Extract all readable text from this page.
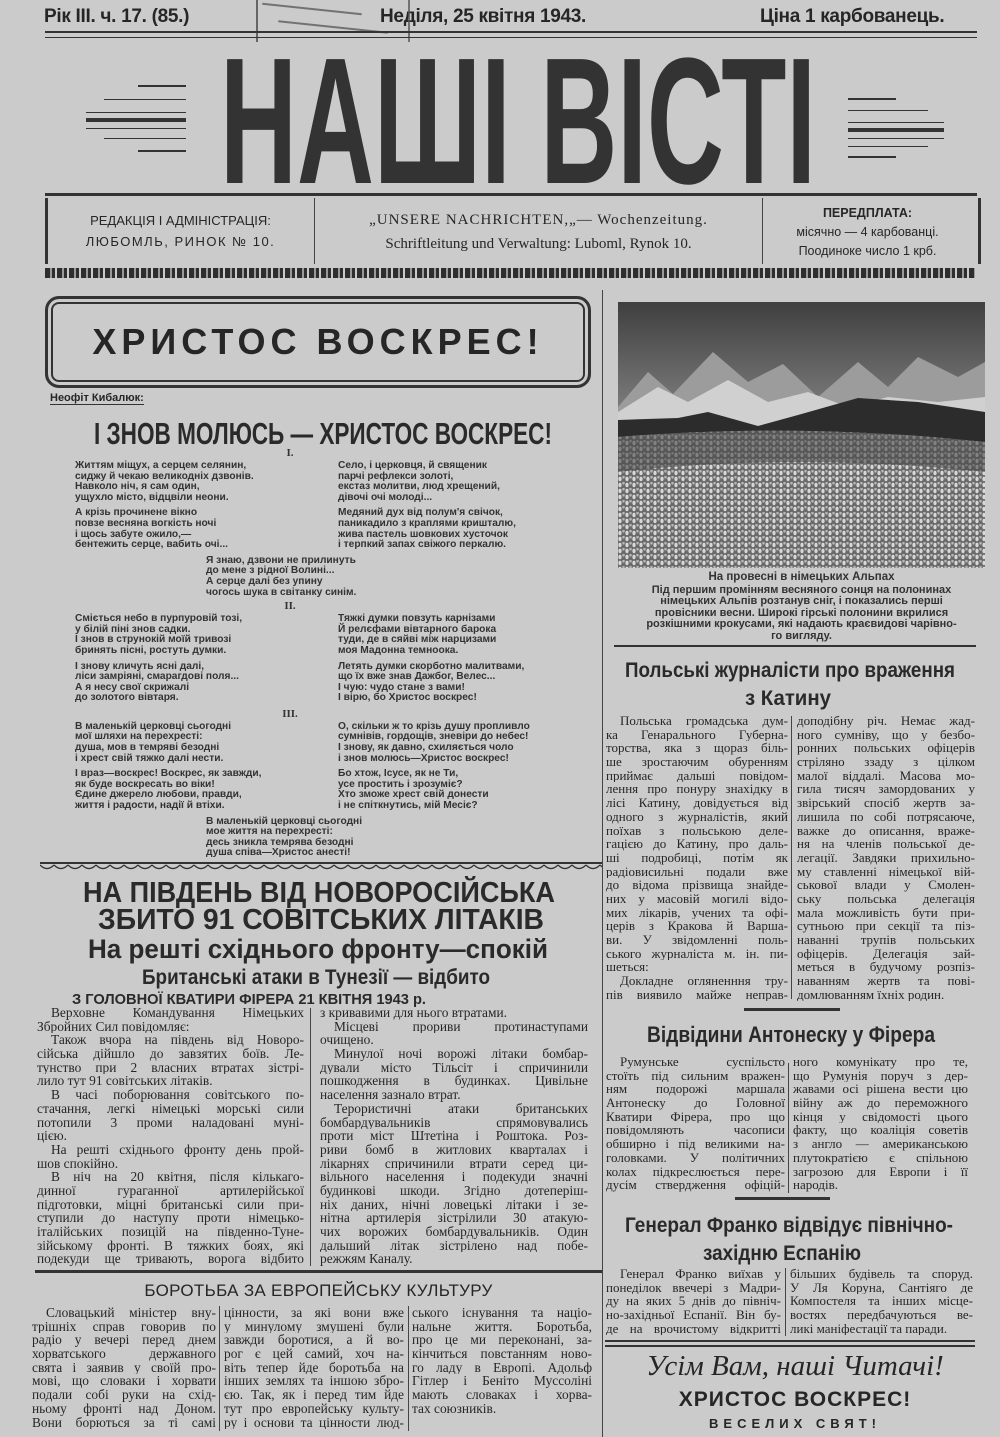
Рік III. ч. 17. (85.)	Неділя, 25 квітня 1943.	Ціна 1 карбованець.
НАШІ ВІСТІ
РЕДАКЦІЯ І АДМІНІСТРАЦІЯ:
ЛЮБОМЛЬ, РИНОК № 10.
„UNSERE NACHRICHTEN,„— Wochenzeitung.
Schriftleitung und Verwaltung: Luboml, Rynok 10.
ПЕРЕДПЛАТА:
місячно — 4 карбованці.
Поодиноке число 1 крб.
ХРИСТОС ВОСКРЕС!
Неофіт Кибалюк:
І ЗНОВ МОЛЮСЬ — ХРИСТОС ВОСКРЕС!
I.
Життям міщух, а серцем селянин,
сиджу й чекаю великодніх дзвонів.
Навколо ніч, я сам один,
ущухло місто, відцвіли неони.
А крізь прочинене вікно
повзе весняна вогкість ночі
і щось забуте ожило,—
бентежить серце, вабить очі...
Село, і церковця, й священик
парчі рефлекси золоті,
екстаз молитви, люд хрещений,
дівочі очі молоді...
Медяний дух від полум'я свічок,
паникадило з краплями кришталю,
жива пастель шовкових хусточок
і терпкий запах свіжого перкалю.
Я знаю, дзвони не прилинуть
до мене з рідної Волині...
А серце далі без упину
чогось шука в світанку синім.
II.
Сміється небо в пурпуровій тозі,
у білій піні знов садки.
І знов в струнокій моїй тривозі
бринять пісні, ростуть думки.
І знову кличуть ясні далі,
ліси замріяні, смарагдові поля...
А я несу свої скрижалі
до золотого вівтаря.
Тяжкі думки повзуть карнізами
Й релєфами вівтарного барока
туди, де в сяйві між нарцизами
моя Мадонна темноока.
Летять думки скорботно малитвами,
що їх вже знав Дажбог, Велес...
І чую: чудо стане з вами!
І вірю, бо Христос воскрес!
III.
В маленькій церковці сьогодні
мої шляхи на перехресті:
душа, мов в темряві безодні
і хрест свій тяжко далі нести.
І враз—воскрес! Воскрес, як завжди,
як буде воскресать во віки!
Єдине джерело любови, правди,
життя і радости, надії й втіхи.
О, скільки ж то крізь душу пропливло
сумнівів, гордощів, зневіри до небес!
І знову, як давно, схиляється чоло
і знов молюсь—Христос воскрес!
Бо хтож, Ісусе, як не Ти,
усе простить і зрозуміє?
Хто зможе хрест свій донести
і не спіткнутись, мій Месіє?
В маленькій церковці сьогодні
мое життя на перехресті:
десь зникла темрява безодні
душа співа—Христос анесті!
НА ПІВДЕНЬ ВІД НОВОРОСІЙСЬКА
ЗБИТО 91 СОВІТСЬКИХ ЛІТАКІВ
На решті східнього фронту—спокій
Британські атаки в Тунезії — відбито
З ГОЛОВНОЇ КВАТИРИ ФІРЕРА 21 КВІТНЯ 1943 р.
Верховне Командування Німецьких
Збройних Сил повідомляє:
Також вчора на південь від Новоро-
сійська дійшло до завзятих боїв. Ле-
тунство при 2 власних втратах зістрі-
лило тут 91 совітських літаків.
В часі поборювання совітського по-
стачання, легкі німецькі морські сили
потопили 3 проми наладовані муні-
цією.
На решті східнього фронту день прой-
шов спокійно.
В ніч на 20 квітня, після кількаго-
динної гураганної артилерійської
підготовки, міцні британські сили при-
ступили до наступу проти німецько-
італійських позицій на південно-Туне-
зійському фронті. В тяжких боях, які
подекуди ще тривають, ворога відбито
з кривавими для нього втратами.
Місцеві прориви протинаступами
очищено.
Минулої ночі ворожі літаки бомбар-
дували місто Тільсіт і спричинили
пошкодження в будинках. Цивільне
населення зазнало втрат.
Терористичні атаки британських
бомбардувальників спрямовувались
проти міст Штетіна і Роштока. Роз-
риви бомб в житлових кварталах і
лікарнях спричинили втрати серед ци-
вільного населення і подекуди значні
будинкові шкоди. Згідно дотеперіш-
ніх даних, нічні ловецькі літаки і зе-
нітна артилерія зістрілили 30 атакую-
чих ворожих бомбардувальників. Один
дальший літак зістрілено над побе-
режжям Каналу.
БОРОТЬБА ЗА ЕВРОПЕЙСЬКУ КУЛЬТУРУ
Словацький міністер вну-
трішніх справ говорив по
радіо у вечері перед днем
хорватського державного
свята і заявив у своїй про-
мові, що словаки і хорвати
подали собі руки на схід-
ньому фронті над Доном.
Вони борються за ті самі
цінности, за які вони вже
у минулому змушені були
завжди боротися, а й во-
рог є цей самий, хоч на-
віть тепер йде боротьба на
інших землях та іншою збро-
єю. Так, як і перед тим йде
тут про европейську культу-
ру і основи та цінности люд-
ського існування та націо-
нальне життя. Боротьба,
про це ми переконані, за-
кінчиться повстанням ново-
го ладу в Европі. Адольф
Гітлер і Беніто Муссоліні
мають словаках і хорва-
тах союзників.
На провесні в німецьких Альпах
Під першим промінням весняного сонця на полонинах
німецьких Альпів розтанув сніг, і показались перші
провісники весни. Широкі гірські полонини вкрилися
розкішними крокусами, які надають краєвидові чарівно-
го вигляду.
Польські журналісти про враження
з Катину
Польська громадська дум-
ка Генарального Губерна-
торства, яка з щораз біль-
ше зростаючим обуренням
приймає дальші повідом-
лення про понуру знахідку в
лісі Катину, довідується від
одного з журналістів, який
поїхав з польською деле-
гацією до Катину, про даль-
ші подробиці, потім як
радіовисильні подали вже
до відома прізвища знайде-
них у масовій могилі відо-
мих лікарів, учених та офі-
церів з Кракова й Варша-
ви. У звідомленні поль-
ського журналіста м. ін. пи-
шеться:
Докладне огляненння тру-
пів виявило майже неправ-
доподібну річ. Немає жад-
ного сумніву, що у безбо-
ронних польських офіцерів
стріляно ззаду з цілком
малої віддалі. Масова мо-
гила тисяч замордованих у
звірський спосіб жертв за-
лишила по собі потрясаюче,
важке до описання, враже-
ня на членів польської де-
легації. Завдяки прихильно-
му ставленні німецької вій-
ськової влади у Смолен-
ську польська делегація
мала можливість бути при-
сутньою при секції та піз-
наванні трупів польських
офіцерів. Делегація зай-
меться в будучому розпіз-
наванням жертв та пові-
домлюванням їхніх родин.
Відвідини Антонеску у Фірера
Румунське суспільсто
стоїть під сильним вражен-
ням подорожі маршала
Антонеску до Головної
Кватири Фірера, про що
повідомляють часописи
обширно і під великими на-
головками. У політичних
колах підкреслюється пере-
дусім ствердження офіцій-
ного комунікату про те,
що Румунія поруч з дер-
жавами осі рішена вести цю
війну аж до переможного
кінця у свідомості цього
факту, що коаліція советів
з англо — американською
плутократією є спільною
загрозою для Европи і її
народів.
Генерал Франко відвідує північно-
західню Еспанію
Генерал Франко виїхав у
понеділок ввечері з Мадри-
ду на яких 5 днів до північ-
но-західньої Еспанії. Він бу-
де на врочистому відкритті
більших будівель та споруд.
У Ля Коруна, Сантіяго де
Компостеля та інших місце-
востях передбачуються ве-
ликі маніфестації та паради.
Усім Вам, наші Читачі!
ХРИСТОС ВОСКРЕС!
ВЕСЕЛИХ СВЯТ!
